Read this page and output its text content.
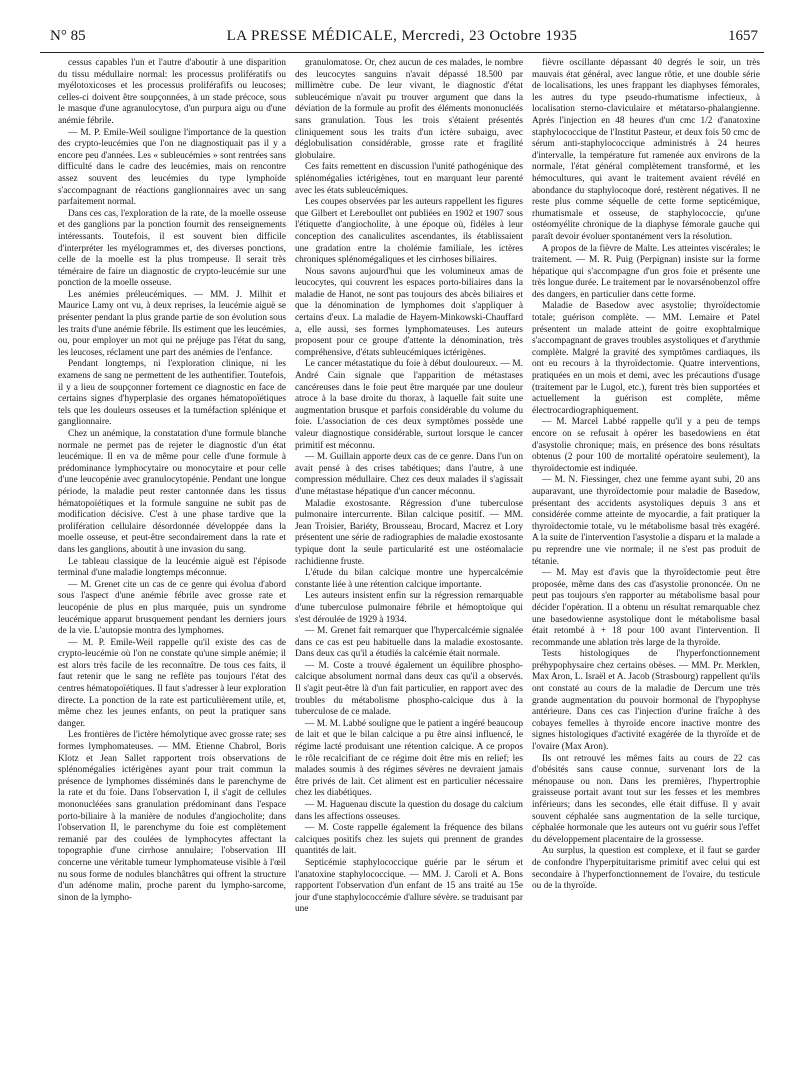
N° 85	LA PRESSE MÉDICALE, Mercredi, 23 Octobre 1935	1657

cessus capables l'un et l'autre d'aboutir à une disparition du tissu médullaire normal: les processus prolifératifs ou myélotoxicoses et les processus proliférafifs ou leucoses; celles-ci doivent être soupçonnées, à un stade précoce, sous le masque d'une agranulocytose, d'un purpura aigu ou d'une anémie fébrile.

— M. P. Emile-Weil souligne l'importance de la question des crypto-leucémies que l'on ne diagnostiquait pas il y a encore peu d'années. Les « subleucémies » sont rentrées sans difficulté dans le cadre des leucémies, mais on rencontre assez souvent des leucémies du type lymphoïde s'accompagnant de réactions ganglionnaires avec un sang parfaitement normal.

Dans ces cas, l'exploration de la rate, de la moelle osseuse et des ganglions par la ponction fournit des renseignements intéressants. Toutefois, il est souvent bien difficile d'interpréter les myélogrammes et, des diverses ponctions, celle de la moelle est la plus trompeuse. Il serait très téméraire de faire un diagnostic de crypto-leucémie sur une ponction de la moelle osseuse.

Les anémies préleucémiques. — MM. J. Milhit et Maurice Lamy ont vu, à deux reprises, la leucémie aiguë se présenter pendant la plus grande partie de son évolution sous les traits d'une anémie fébrile. Ils estiment que les leucémies, ou, pour employer un mot qui ne préjuge pas l'état du sang, les leucoses, réclament une part des anémies de l'enfance.

Pendant longtemps, ni l'exploration clinique, ni les examens de sang ne permettent de les authentifier. Toutefois, il y a lieu de soupçonner fortement ce diagnostic en face de certains signes d'hyperplasie des organes hématopoïétiques tels que les douleurs osseuses et la tuméfaction splénique et ganglionnaire.

Chez un anémique, la constatation d'une formule blanche normale ne permet pas de rejeter le diagnostic d'un état leucémique. Il en va de même pour celle d'une formule à prédominance lymphocytaire ou monocytaire et pour celle d'une leucopénie avec granulocytopénie. Pendant une longue période, la maladie peut rester cantonnée dans les tissus hématopoïétiques et la formule sanguine ne subit pas de modification décisive. C'est à une phase tardive que la prolifération cellulaire désordonnée développée dans la moelle osseuse, et peut-être secondairement dans la rate et dans les ganglions, aboutit à une invasion du sang.

Le tableau classique de la leucémie aiguë est l'épisode terminal d'une maladie longtemps méconnue.

— M. Grenet cite un cas de ce genre qui évolua d'abord sous l'aspect d'une anémie fébrile avec grosse rate et leucopénie de plus en plus marquée, puis un syndrome leucémique apparut brusquement pendant les derniers jours de la vie. L'autopsie montra des lymphomes.

— M. P. Emile-Weil rappelle qu'il existe des cas de crypto-leucémie où l'on ne constate qu'une simple anémie; il est alors très facile de les reconnaître. De tous ces faits, il faut retenir que le sang ne reflète pas toujours l'état des centres hématopoïétiques. Il faut s'adresser à leur exploration directe. La ponction de la rate est particulièrement utile, et, même chez les jeunes enfants, on peut la pratiquer sans danger.

Les frontières de l'ictère hémolytique avec grosse rate; ses formes lymphomateuses. — MM. Etienne Chabrol, Boris Klotz et Jean Sallet rapportent trois observations de splénomégalies ictérigènes ayant pour trait commun la présence de lymphomes disséminés dans le parenchyme de la rate et du foie. Dans l'observation I, il s'agit de cellules mononucléées sans granulation prédominant dans l'espace porto-biliaire à la manière de nodules d'angiocholite; dans l'observation II, le parenchyme du foie est complètement remanié par des coulées de lymphocytes affectant la topographie d'une cirrhose annulaire; l'observation III concerne une véritable tumeur lymphomateuse visible à l'œil nu sous forme de nodules blanchâtres qui offrent la structure d'un adénome malin, proche parent du lympho-sarcome, sinon de la lympho-

granulomatose. Or, chez aucun de ces malades, le nombre des leucocytes sanguins n'avait dépassé 18.500 par millimètre cube. De leur vivant, le diagnostic d'état subleucémique n'avait pu trouver argument que dans la déviation de la formule au profit des éléments mononucléés sans granulation. Tous les trois s'étaient présentés cliniquement sous les traits d'un ictère subaigu, avec déglobulisation considérable, grosse rate et fragilité globulaire.

Ces faits remettent en discussion l'unité pathogénique des splénomégalies ictérigènes, tout en marquant leur parenté avec les états subleucémiques.

Les coupes observées par les auteurs rappellent les figures que Gilbert et Lereboullet ont publiées en 1902 et 1907 sous l'étiquette d'angiocholite, à une époque où, fidèles à leur conception des canaliculites ascendantes, ils établissaient une gradation entre la cholémie familiale, les ictères chroniques splénomégaliques et les cirrhoses biliaires.

Nous savons aujourd'hui que les volumineux amas de leucocytes, qui couvrent les espaces porto-biliaires dans la maladie de Hanot, ne sont pas toujours des abcès biliaires et que la dénomination de lymphomes doit s'appliquer à certains d'eux. La maladie de Hayem-Minkowski-Chauffard a, elle aussi, ses formes lymphomateuses. Les auteurs proposent pour ce groupe d'attente la dénomination, très compréhensive, d'états subleucémiques ictérigènes.

Le cancer métastatique du foie à début douloureux. — M. André Cain signale que l'apparition de métastases cancéreuses dans le foie peut être marquée par une douleur atroce à la base droite du thorax, à laquelle fait suite une augmentation brusque et parfois considérable du volume du foie. L'association de ces deux symptômes possède une valeur diagnostique considérable, surtout lorsque le cancer primitif est méconnu.

— M. Guillain apporte deux cas de ce genre. Dans l'un on avait pensé à des crises tabétiques; dans l'autre, à une compression médullaire. Chez ces deux malades il s'agissait d'une métastase hépatique d'un cancer méconnu.

Maladie exostosante. Régression d'une tuberculose pulmonaire intercurrente. Bilan calcique positif. — MM. Jean Troisier, Bariéty, Brousseau, Brocard, Macrez et Lory présentent une série de radiographies de maladie exostosante typique dont la seule particularité est une ostéomalacie rachidienne fruste.

L'étude du bilan calcique montre une hypercalcémie constante liée à une rétention calcique importante.

Les auteurs insistent enfin sur la régression remarquable d'une tuberculose pulmonaire fébrile et hémoptoïque qui s'est déroulée de 1929 à 1934.

— M. Grenet fait remarquer que l'hypercalcémie signalée dans ce cas est peu habituelle dans la maladie exostosante. Dans deux cas qu'il a étudiés la calcémie était normale.

— M. Coste a trouvé également un équilibre phospho-calcique absolument normal dans deux cas qu'il a observés. Il s'agit peut-être là d'un fait particulier, en rapport avec des troubles du métabolisme phospho-calcique dus à la tuberculose de ce malade.

— M. M. Labbé souligne que le patient a ingéré beaucoup de lait et que le bilan calcique a pu être ainsi influencé, le régime lacté produisant une rétention calcique. A ce propos le rôle recalcifiant de ce régime doit être mis en relief; les malades soumis à des régimes sévères ne devraient jamais être privés de lait. Cet aliment est en particulier nécessaire chez les diabétiques.

— M. Haguenau discute la question du dosage du calcium dans les affections osseuses.

— M. Coste rappelle également la fréquence des bilans calciques positifs chez les sujets qui prennent de grandes quantités de lait.

Septicémie staphylococcique guérie par le sérum et l'anatoxine staphylococcique. — MM. J. Caroli et A. Bons rapportent l'observation d'un enfant de 15 ans traité au 15e jour d'une staphylococcémie d'allure sévère. se traduisant par une

fièvre oscillante dépassant 40 degrés le soir, un très mauvais état général, avec langue rôtie, et une double série de localisations, les unes frappant les diaphyses fémorales, les autres du type pseudo-rhumatisme infectieux, à localisation sterno-claviculaire et métatarso-phalangienne. Après l'injection en 48 heures d'un cmc 1/2 d'anatoxine staphylococcique de l'Institut Pasteur, et deux fois 50 cmc de sérum anti-staphylococcique administrés à 24 heures d'intervalle, la température fut ramenée aux environs de la normale, l'état général complètement transformé, et les hémocultures, qui avant le traitement avaient révélé en abondance du staphylocoque doré, restèrent négatives. Il ne reste plus comme séquelle de cette forme septicémique, rhumatismale et osseuse, de staphylococcie, qu'une ostéomyélite chronique de la diaphyse fémorale gauche qui paraît devoir évoluer spontanément vers la résolution.

A propos de la fièvre de Malte. Les atteintes viscérales; le traitement. — M. R. Puig (Perpignan) insiste sur la forme hépatique qui s'accompagne d'un gros foie et présente une très longue durée. Le traitement par le novarsénobenzol offre des dangers, en particulier dans cette forme.

Maladie de Basedow avec asystolie; thyroïdectomie totale; guérison complète. — MM. Lemaire et Patel présentent un malade atteint de goitre exophtalmique s'accompagnant de graves troubles asystoliques et d'arythmie complète. Malgré la gravité des symptômes cardiaques, ils ont eu recours à la thyroïdectomie. Quatre interventions, pratiquées en un mois et demi, avec les précautions d'usage (traitement par le Lugol, etc.), furent très bien supportées et actuellement la guérison est complète, même électrocardiographiquement.

— M. Marcel Labbé rappelle qu'il y a peu de temps encore on se refusait à opérer les basedowiens en état d'asystolie chronique; mais, en présence des bons résultats obtenus (2 pour 100 de mortalité opératoire seulement), la thyroïdectomie est indiquée.

— M. N. Fiessinger, chez une femme ayant subi, 20 ans auparavant, une thyroïdectomie pour maladie de Basedow, présentant des accidents asystoliques depuis 3 ans et considérée comme atteinte de myocardie, a fait pratiquer la thyroïdectomie totale, vu le métabolisme basal très exagéré. A la suite de l'intervention l'asystolie a disparu et la malade a pu reprendre une vie normale; il ne s'est pas produit de tétanie.

— M. May est d'avis que la thyroïdectomie peut être proposée, même dans des cas d'asystolie prononcée. On ne peut pas toujours s'en rapporter au métabolisme basal pour décider l'opération. Il a obtenu un résultat remarquable chez une basedowienne asystolique dont le métabolisme basal était retombé à + 18 pour 100 avant l'intervention. Il recommande une ablation très large de la thyroïde.

Tests histologiques de l'hyperfonctionnement préhypophysaire chez certains obèses. — MM. Pr. Merklen, Max Aron, L. Israël et A. Jacob (Strasbourg) rappellent qu'ils ont constaté au cours de la maladie de Dercum une très grande augmentation du pouvoir hormonal de l'hypophyse antérieure. Dans ces cas l'injection d'urine fraîche à des cobayes femelles à thyroïde encore inactive montre des signes histologiques d'activité exagérée de la thyroïde et de l'ovaire (Max Aron).

Ils ont retrouvé les mêmes faits au cours de 22 cas d'obésités sans cause connue, survenant lors de la ménopause ou non. Dans les premières, l'hypertrophie graisseuse portait avant tout sur les fesses et les membres inférieurs; dans les secondes, elle était diffuse. Il y avait souvent céphalée sans augmentation de la selle turcique, céphalée hormonale que les auteurs ont vu guérir sous l'effet du développement placentaire de la grossesse.

Au surplus, la question est complexe, et il faut se garder de confondre l'hyperpituitarisme primitif avec celui qui est secondaire à l'hyperfonctionnement de l'ovaire, du testicule ou de la thyroïde.
